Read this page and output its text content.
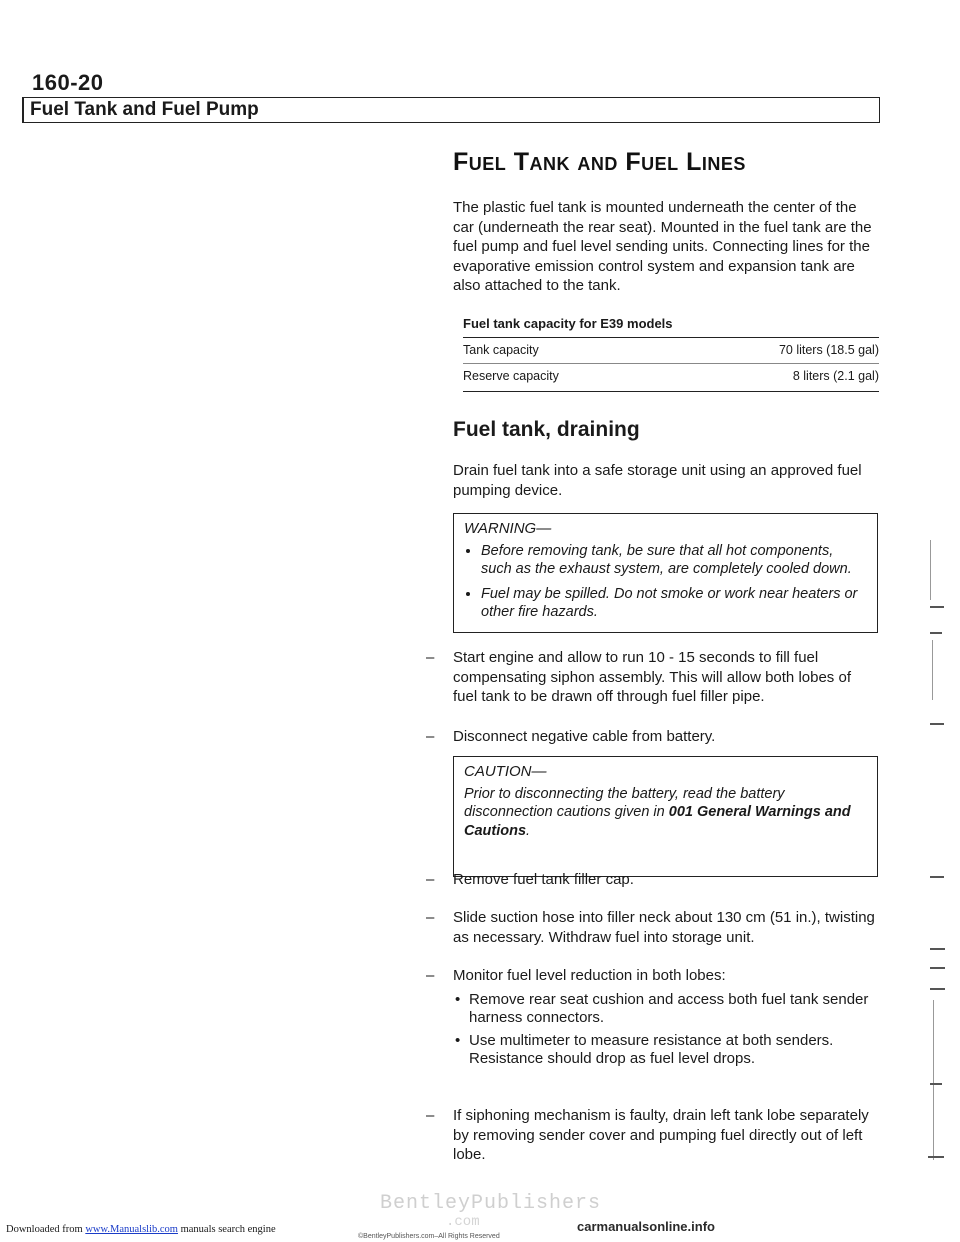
160-20
Fuel Tank and Fuel Pump
Fuel Tank and Fuel Lines
The plastic fuel tank is mounted underneath the center of the car (underneath the rear seat). Mounted in the fuel tank are the fuel pump and fuel level sending units. Connecting lines for the evaporative emission control system and expansion tank are also attached to the tank.
Fuel tank capacity for E39 models
Tank capacity	70 liters (18.5 gal)
Reserve capacity	8 liters (2.1 gal)
Fuel tank, draining
Drain fuel tank into a safe storage unit using an approved fuel pumping device.
WARNING—
• Before removing tank, be sure that all hot components, such as the exhaust system, are completely cooled down.
• Fuel may be spilled. Do not smoke or work near heaters or other fire hazards.
–	Start engine and allow to run 10 - 15 seconds to fill fuel compensating siphon assembly. This will allow both lobes of fuel tank to be drawn off through fuel filler pipe.
–	Disconnect negative cable from battery.
CAUTION—
Prior to disconnecting the battery, read the battery disconnection cautions given in 001 General Warnings and Cautions.
–	Remove fuel tank filler cap.
–	Slide suction hose into filler neck about 130 cm (51 in.), twisting as necessary. Withdraw fuel into storage unit.
–	Monitor fuel level reduction in both lobes:
• Remove rear seat cushion and access both fuel tank sender harness connectors.
• Use multimeter to measure resistance at both senders. Resistance should drop as fuel level drops.
–	If siphoning mechanism is faulty, drain left tank lobe separately by removing sender cover and pumping fuel directly out of left lobe.
BentleyPublishers
.com
Downloaded from www.Manualslib.com manuals search engine
©BentleyPublishers.com–All Rights Reserved
carmanualsonline.info
